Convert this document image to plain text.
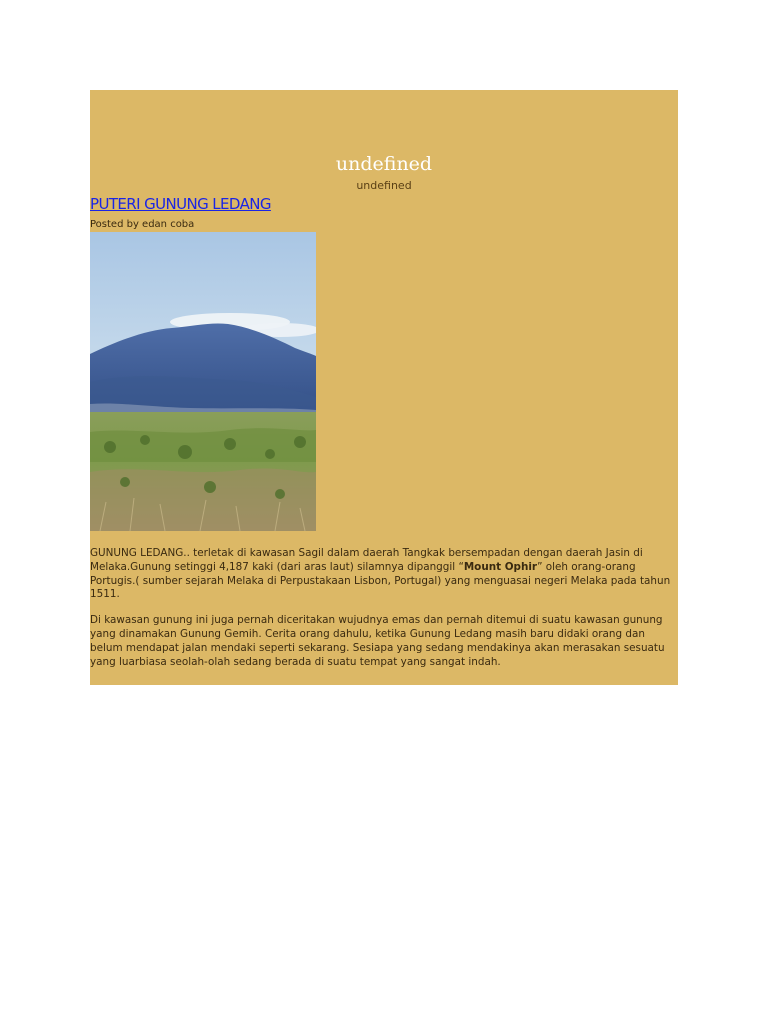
undefined
undefined
PUTERI GUNUNG LEDANG
Posted by edan coba

GUNUNG LEDANG.. terletak di kawasan Sagil dalam daerah Tangkak bersempadan dengan daerah Jasin di Melaka.Gunung setinggi 4,187 kaki (dari aras laut) silamnya dipanggil “Mount Ophir” oleh orang-orang Portugis.( sumber sejarah Melaka di Perpustakaan Lisbon, Portugal) yang menguasai negeri Melaka pada tahun 1511.

Di kawasan gunung ini juga pernah diceritakan wujudnya emas dan pernah ditemui di suatu kawasan gunung yang dinamakan Gunung Gemih. Cerita orang dahulu, ketika Gunung Ledang masih baru didaki orang dan belum mendapat jalan mendaki seperti sekarang. Sesiapa yang sedang mendakinya akan merasakan sesuatu yang luarbiasa seolah-olah sedang berada di suatu tempat yang sangat indah.
